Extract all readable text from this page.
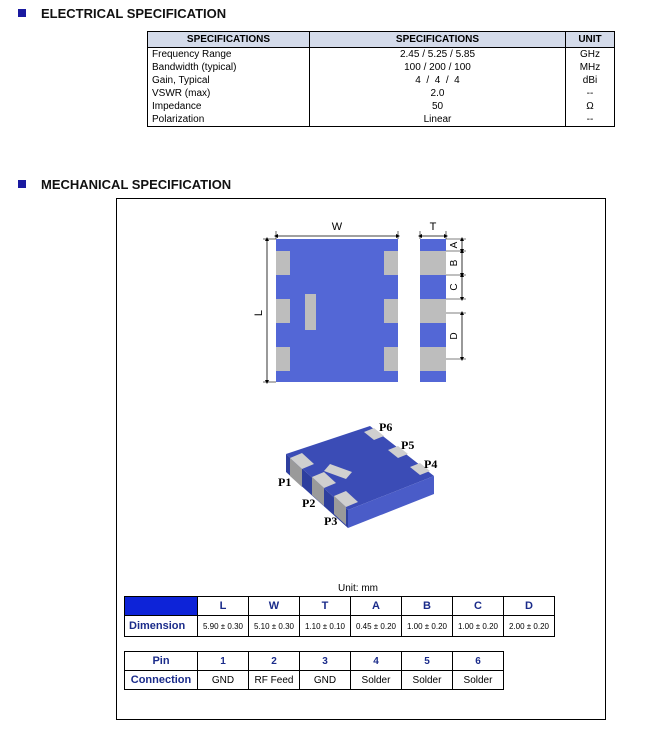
ELECTRICAL SPECIFICATION
SPECIFICATIONS	SPECIFICATIONS	UNIT
Frequency Range	2.45 / 5.25 / 5.85	GHz
Bandwidth (typical)	100 / 200 / 100	MHz
Gain, Typical	4  /  4  /  4	dBi
VSWR (max)	2.0	--
Impedance	50	Ω
Polarization	Linear	--
MECHANICAL SPECIFICATION
W
L
T
A
B
C
D
P6
P5
P4
P1
P2
P3
Unit: mm
	L	W	T	A	B	C	D
Dimension	5.90 ± 0.30	5.10 ± 0.30	1.10 ± 0.10	0.45 ± 0.20	1.00 ± 0.20	1.00 ± 0.20	2.00 ± 0.20
Pin	1	2	3	4	5	6
Connection	GND	RF Feed	GND	Solder	Solder	Solder
